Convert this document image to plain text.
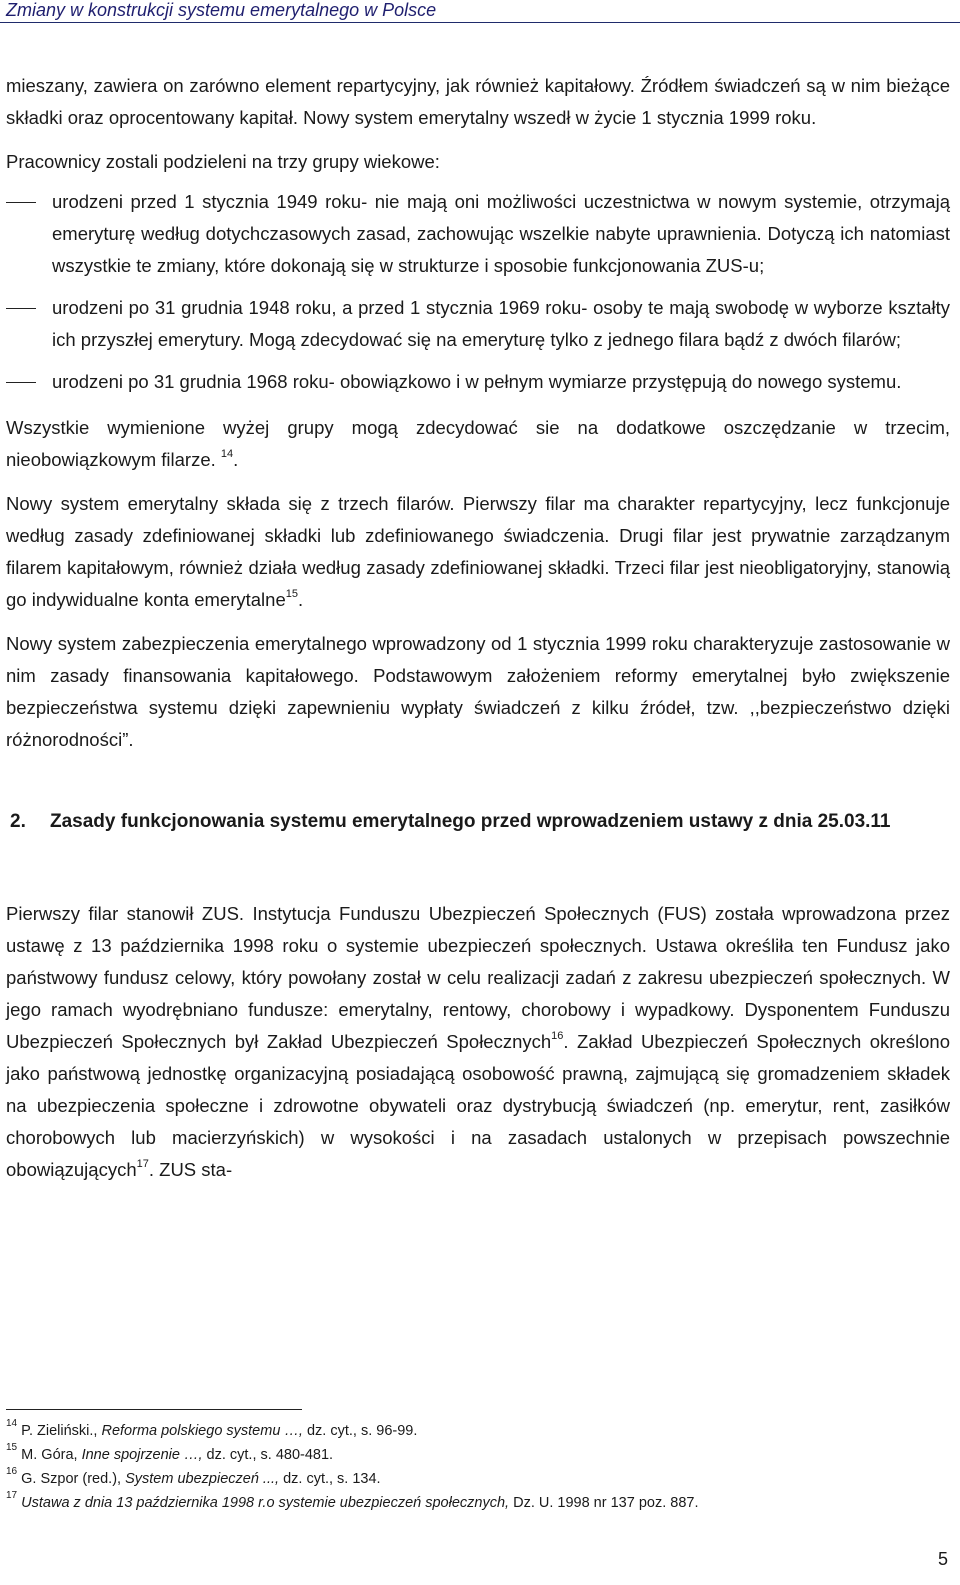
Zmiany w konstrukcji systemu emerytalnego w Polsce

mieszany, zawiera on zarówno element repartycyjny, jak również kapitałowy. Źródłem świadczeń są w nim bieżące składki oraz oprocentowany kapitał. Nowy system emerytalny wszedł w życie 1 stycznia 1999 roku.

Pracownicy zostali podzieleni na trzy grupy wiekowe:

urodzeni przed 1 stycznia 1949 roku- nie mają oni możliwości uczestnictwa w nowym systemie, otrzymają emeryturę według dotychczasowych zasad, zachowując wszelkie nabyte uprawnienia. Dotyczą ich natomiast wszystkie te zmiany, które dokonają się w strukturze i sposobie funkcjonowania ZUS-u;
urodzeni po 31 grudnia 1948 roku, a przed 1 stycznia 1969 roku- osoby te mają swobodę w wyborze kształty ich przyszłej emerytury. Mogą zdecydować się na emeryturę tylko z jednego filara bądź z dwóch filarów;
urodzeni po 31 grudnia 1968 roku- obowiązkowo i w pełnym wymiarze przystępują do nowego systemu.

Wszystkie wymienione wyżej grupy mogą zdecydować sie na dodatkowe oszczędzanie w trzecim, nieobowiązkowym filarze. $^{14}$.

Nowy system emerytalny składa się z trzech filarów. Pierwszy filar ma charakter repartycyjny, lecz funkcjonuje według zasady zdefiniowanej składki lub zdefiniowanego świadczenia. Drugi filar jest prywatnie zarządzanym filarem kapitałowym, również działa według zasady zdefiniowanej składki. Trzeci filar jest nieobligatoryjny, stanowią go indywidualne konta emerytalne$^{15}$.

Nowy system zabezpieczenia emerytalnego wprowadzony od 1 stycznia 1999 roku charakteryzuje zastosowanie w nim zasady finansowania kapitałowego. Podstawowym założeniem reformy emerytalnej było zwiększenie bezpieczeństwa systemu dzięki zapewnieniu wypłaty świadczeń z kilku źródeł, tzw. ,,bezpieczeństwo dzięki różnorodności”.

2. Zasady funkcjonowania systemu emerytalnego przed wprowadzeniem ustawy z dnia 25.03.11

Pierwszy filar stanowił ZUS. Instytucja Funduszu Ubezpieczeń Społecznych (FUS) została wprowadzona przez ustawę z 13 października 1998 roku o systemie ubezpieczeń społecznych. Ustawa określiła ten Fundusz jako państwowy fundusz celowy, który powołany został w celu realizacji zadań z zakresu ubezpieczeń społecznych. W jego ramach wyodrębniano fundusze: emerytalny, rentowy, chorobowy i wypadkowy. Dysponentem Funduszu Ubezpieczeń Społecznych był Zakład Ubezpieczeń Społecznych$^{16}$. Zakład Ubezpieczeń Społecznych określono jako państwową jednostkę organizacyjną posiadającą osobowość prawną, zajmującą się gromadzeniem składek na ubezpieczenia społeczne i zdrowotne obywateli oraz dystrybucją świadczeń (np. emerytur, rent, zasiłków chorobowych lub macierzyńskich) w wysokości i na zasadach ustalonych w przepisach powszechnie obowiązujących$^{17}$. ZUS sta-

$^{14}$ P. Zieliński., Reforma polskiego systemu …, dz. cyt., s. 96-99.
$^{15}$ M. Góra, Inne spojrzenie …, dz. cyt., s. 480-481.
$^{16}$ G. Szpor (red.), System ubezpieczeń ..., dz. cyt., s. 134.
$^{17}$ Ustawa z dnia 13 października 1998 r.o systemie ubezpieczeń społecznych, Dz. U. 1998 nr 137 poz. 887.
5
